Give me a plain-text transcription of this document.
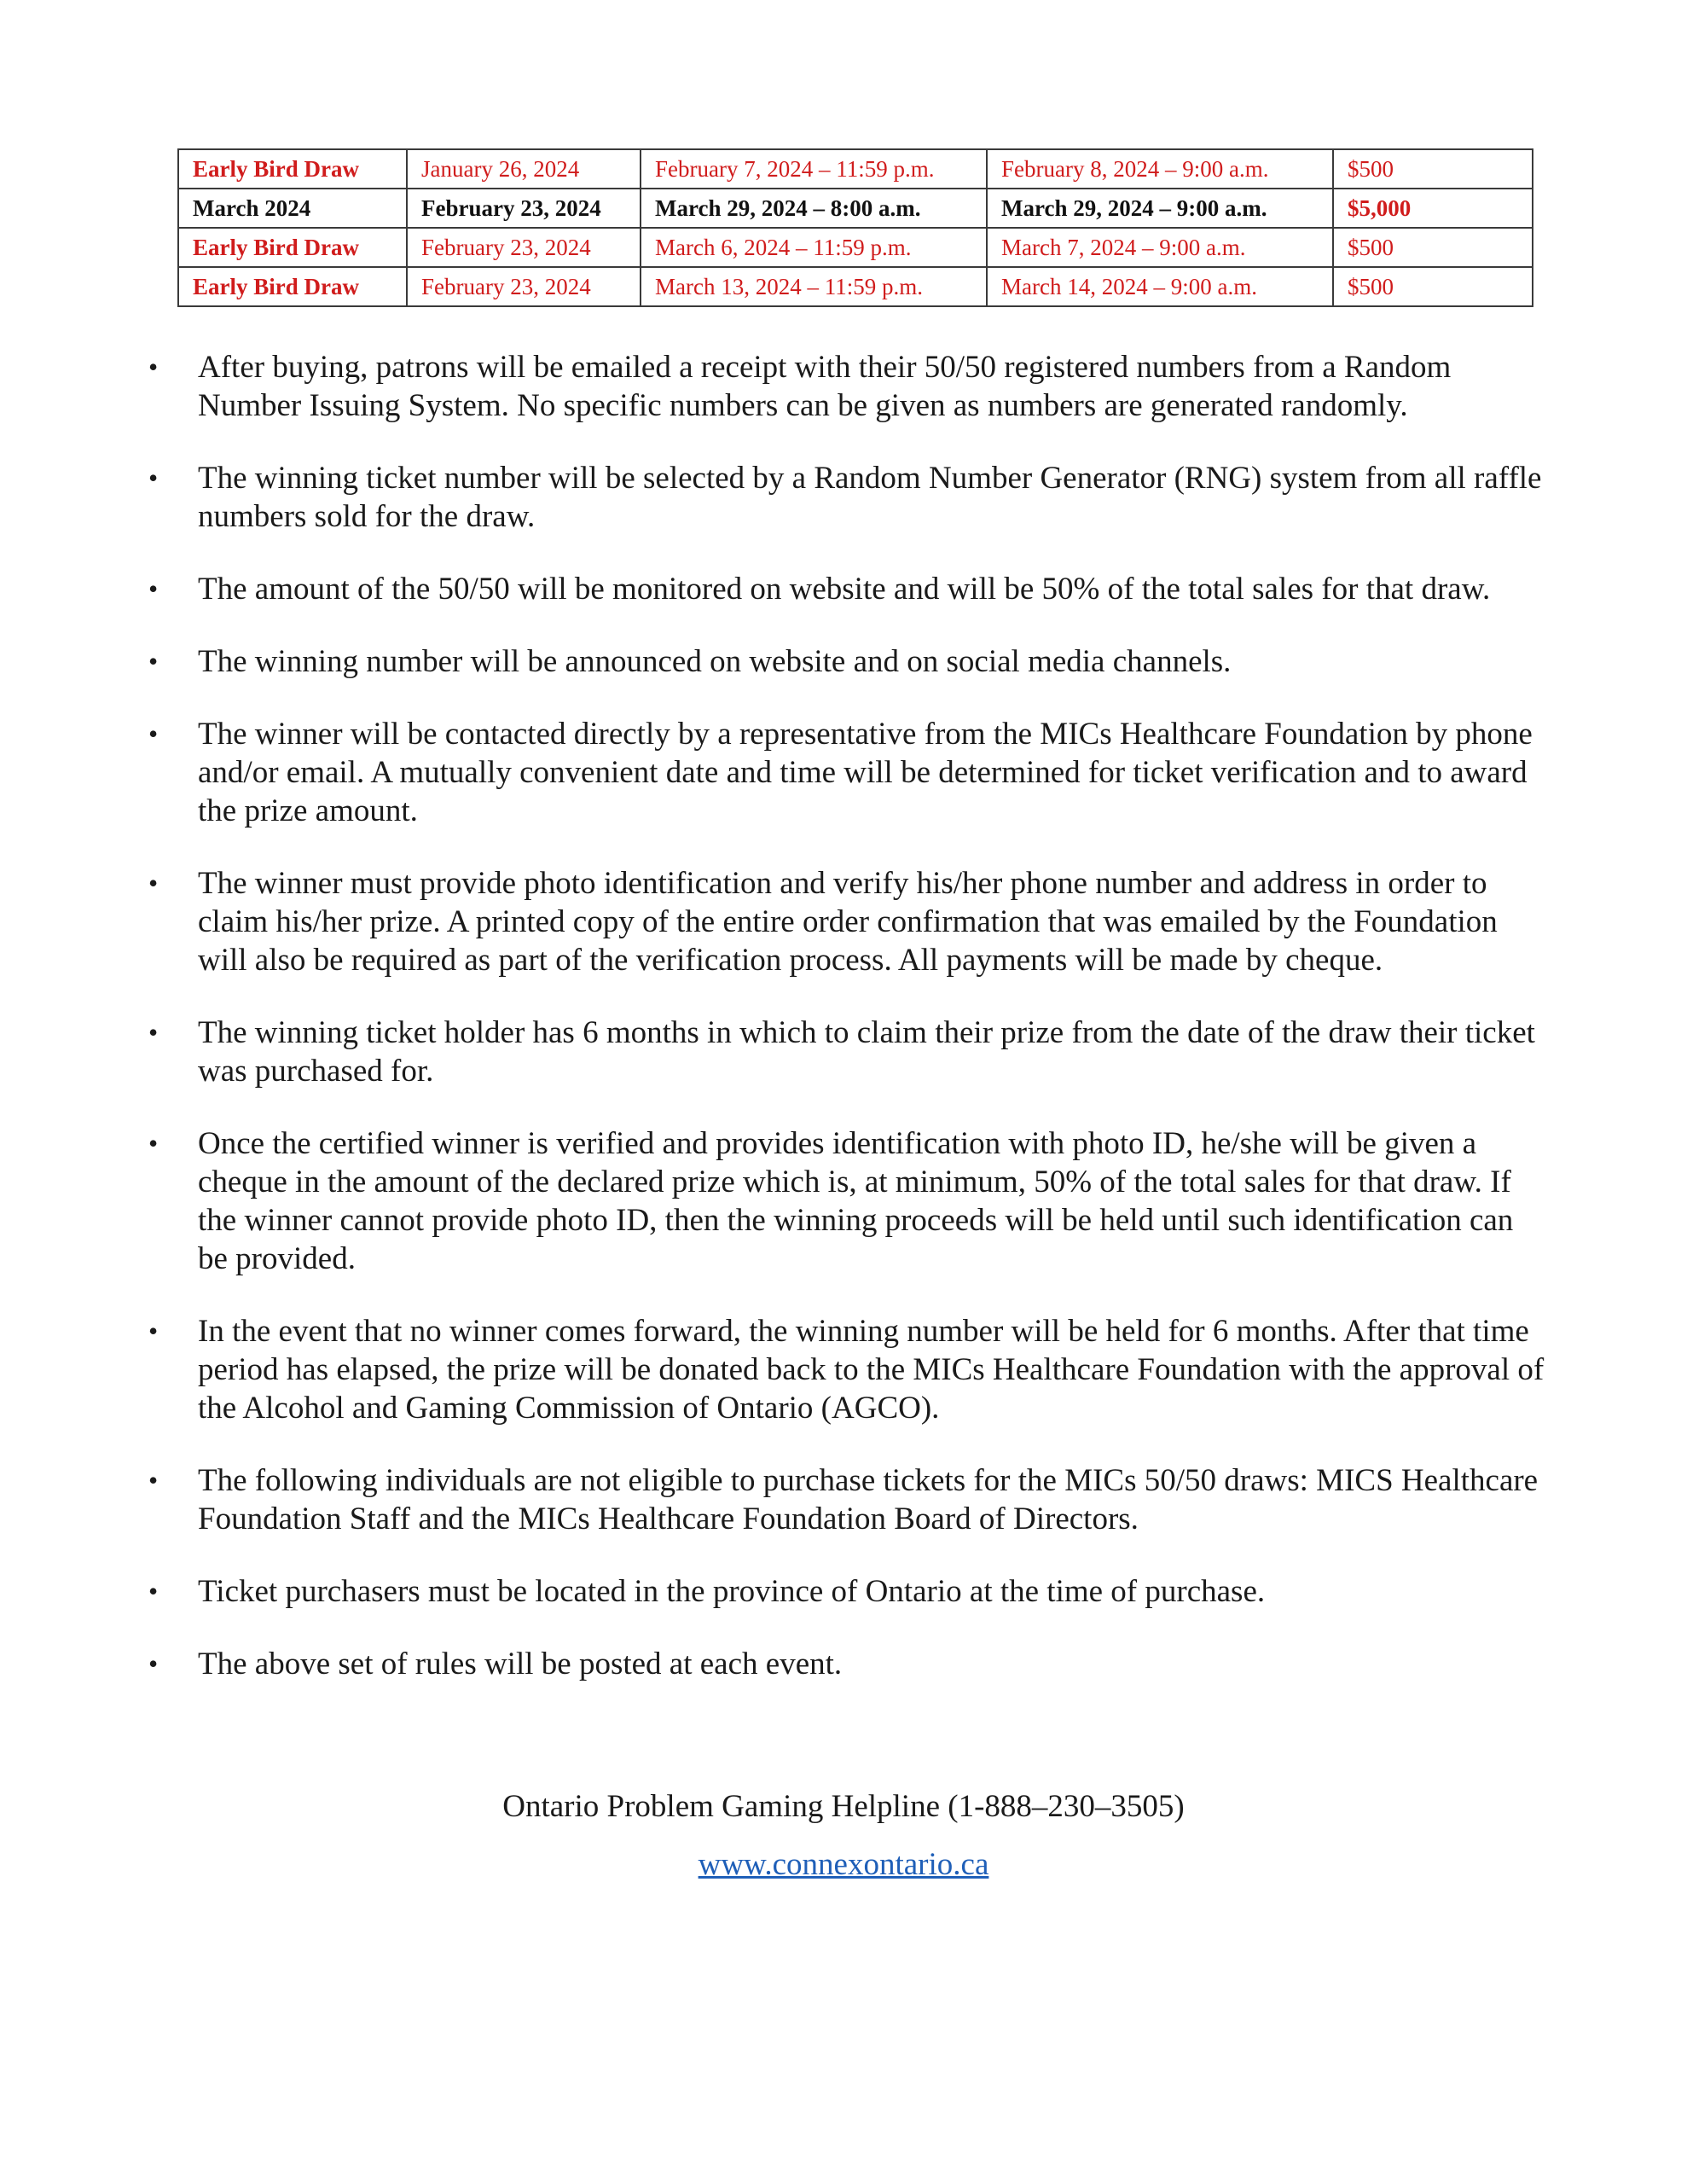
Early Bird Draw	January 26, 2024	February 7, 2024 – 11:59 p.m.	February 8, 2024 – 9:00 a.m.	$500
March 2024	February 23, 2024	March 29, 2024 – 8:00 a.m.	March 29, 2024 – 9:00 a.m.	$5,000
Early Bird Draw	February 23, 2024	March 6, 2024 – 11:59 p.m.	March 7, 2024 – 9:00 a.m.	$500
Early Bird Draw	February 23, 2024	March 13, 2024 – 11:59 p.m.	March 14, 2024 – 9:00 a.m.	$500
• After buying, patrons will be emailed a receipt with their 50/50 registered numbers from a Random Number Issuing System. No specific numbers can be given as numbers are generated randomly.
• The winning ticket number will be selected by a Random Number Generator (RNG) system from all raffle numbers sold for the draw.
• The amount of the 50/50 will be monitored on website and will be 50% of the total sales for that draw.
• The winning number will be announced on website and on social media channels.
• The winner will be contacted directly by a representative from the MICs Healthcare Foundation by phone and/or email. A mutually convenient date and time will be determined for ticket verification and to award the prize amount.
• The winner must provide photo identification and verify his/her phone number and address in order to claim his/her prize. A printed copy of the entire order confirmation that was emailed by the Foundation will also be required as part of the verification process. All payments will be made by cheque.
• The winning ticket holder has 6 months in which to claim their prize from the date of the draw their ticket was purchased for.
• Once the certified winner is verified and provides identification with photo ID, he/she will be given a cheque in the amount of the declared prize which is, at minimum, 50% of the total sales for that draw. If the winner cannot provide photo ID, then the winning proceeds will be held until such identification can be provided.
• In the event that no winner comes forward, the winning number will be held for 6 months. After that time period has elapsed, the prize will be donated back to the MICs Healthcare Foundation with the approval of the Alcohol and Gaming Commission of Ontario (AGCO).
• The following individuals are not eligible to purchase tickets for the MICs 50/50 draws: MICS Healthcare Foundation Staff and the MICs Healthcare Foundation Board of Directors.
• Ticket purchasers must be located in the province of Ontario at the time of purchase.
• The above set of rules will be posted at each event.
Ontario Problem Gaming Helpline (1-888–230–3505)
www.connexontario.ca
